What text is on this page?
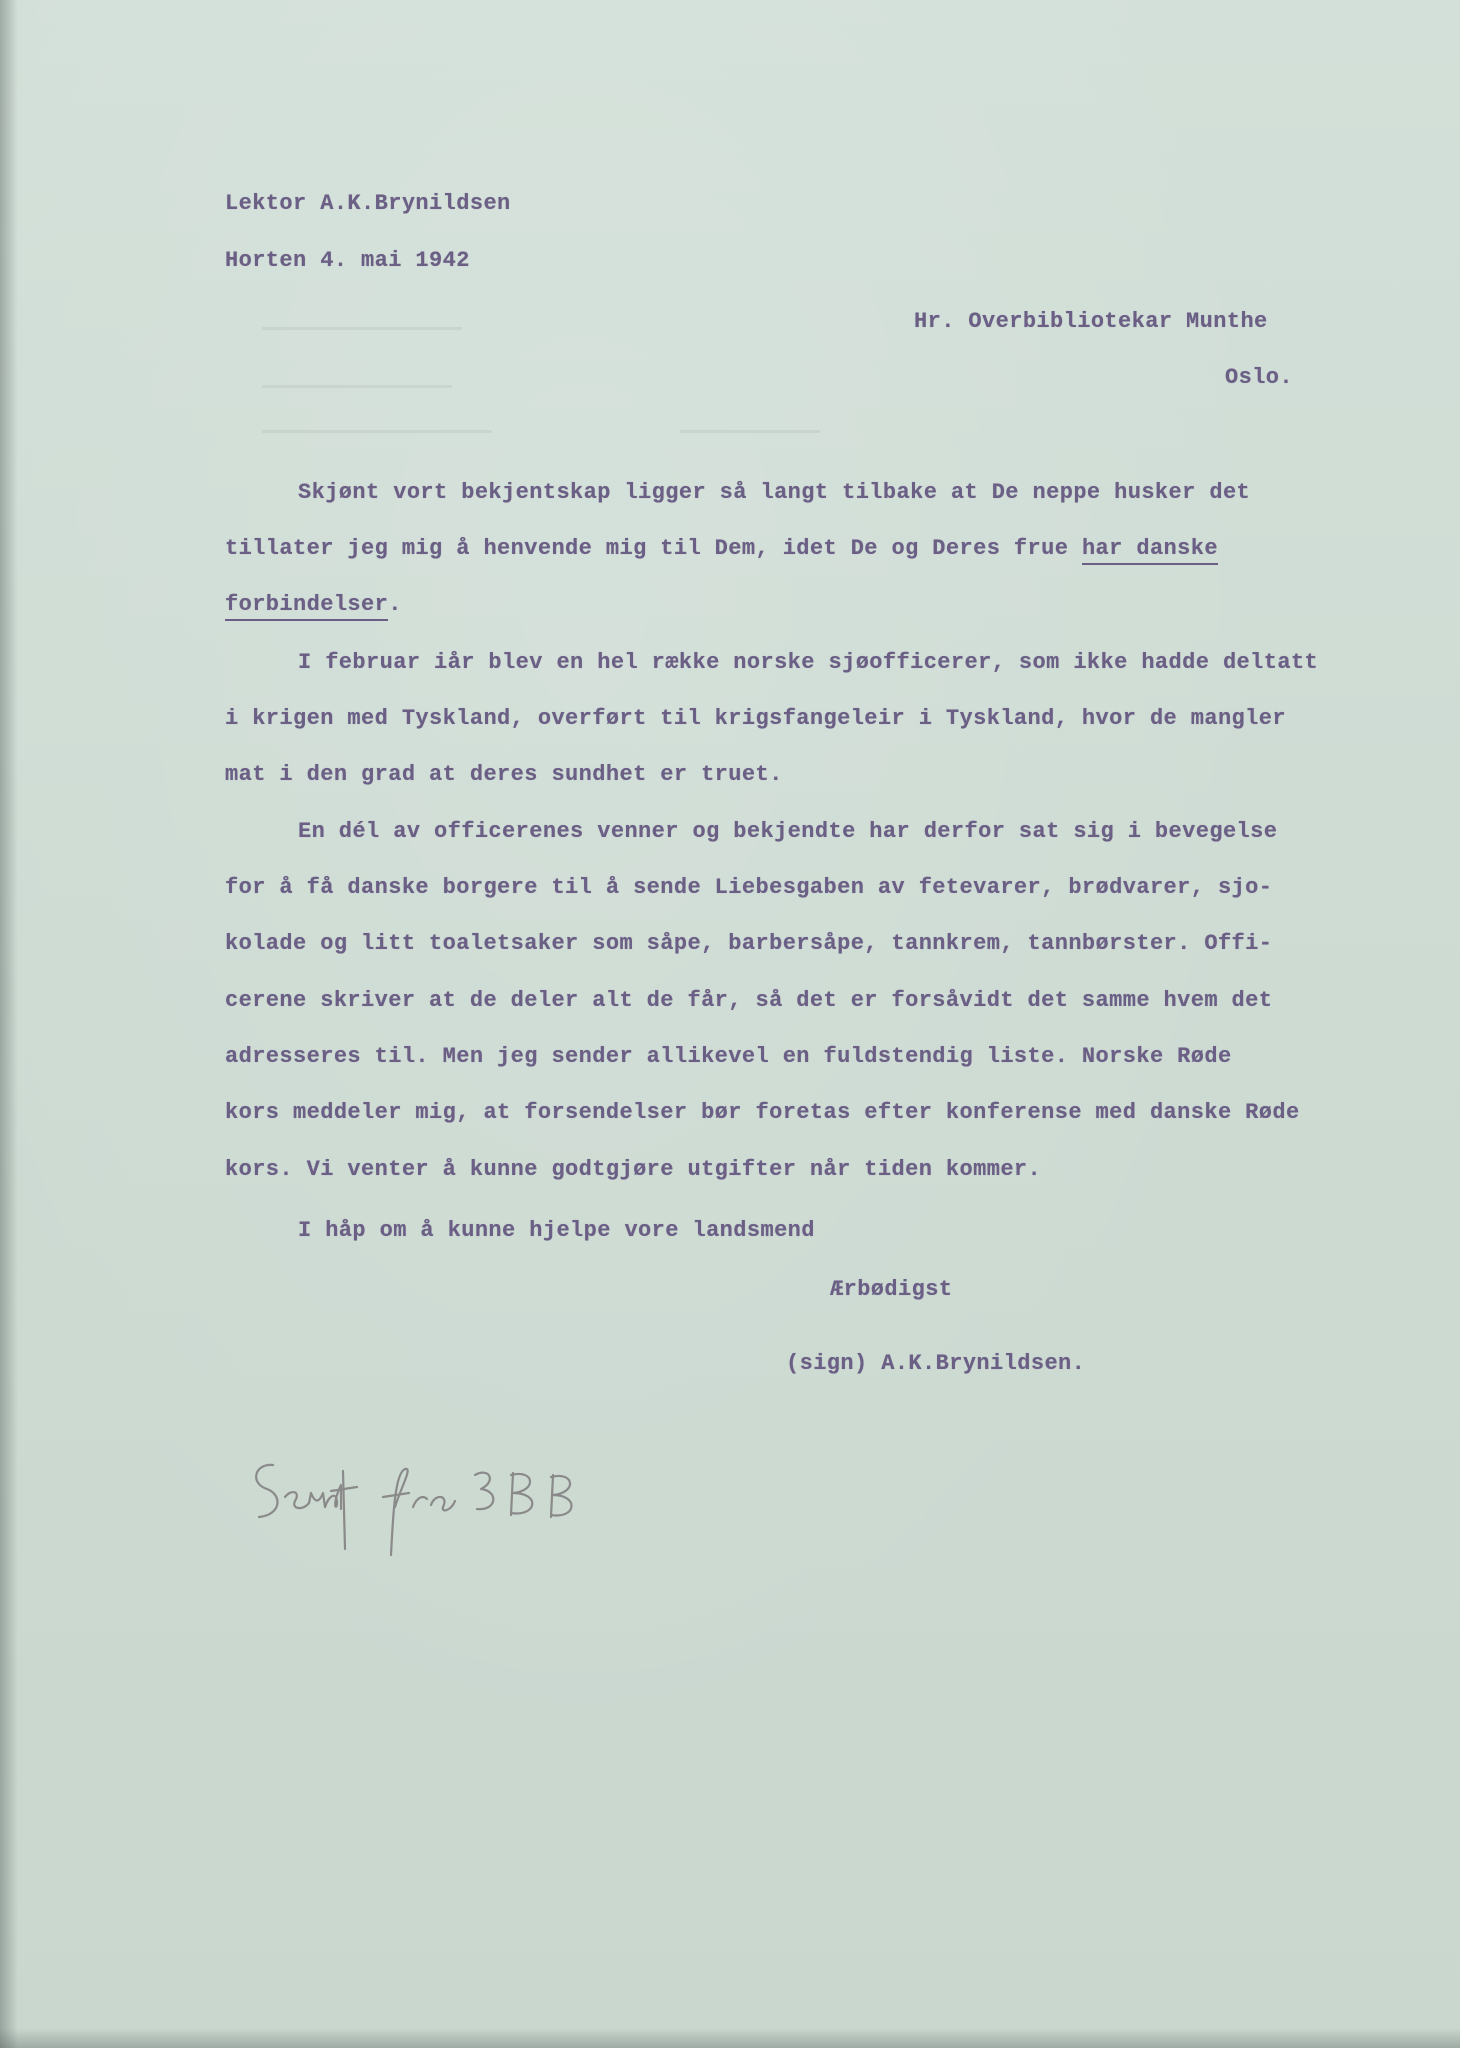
Lektor A.K.Brynildsen
Horten 4. mai 1942
Hr. Overbibliotekar Munthe
Oslo.
Skjønt vort bekjentskap ligger så langt tilbake at De neppe husker det
tillater jeg mig å henvende mig til Dem, idet De og Deres frue har danske
forbindelser.
I februar iår blev en hel række norske sjøofficerer, som ikke hadde deltatt
i krigen med Tyskland, overført til krigsfangeleir i Tyskland, hvor de mangler
mat i den grad at deres sundhet er truet.
En dél av officerenes venner og bekjendte har derfor sat sig i bevegelse
for å få danske borgere til å sende Liebesgaben av fetevarer, brødvarer, sjo-
kolade og litt toaletsaker som såpe, barbersåpe, tannkrem, tannbørster. Offi-
cerene skriver at de deler alt de får, så det er forsåvidt det samme hvem det
adresseres til. Men jeg sender allikevel en fuldstendig liste. Norske Røde
kors meddeler mig, at forsendelser bør foretas efter konferense med danske Røde
kors. Vi venter å kunne godtgjøre utgifter når tiden kommer.
I håp om å kunne hjelpe vore landsmend
Ærbødigst
(sign) A.K.Brynildsen.
